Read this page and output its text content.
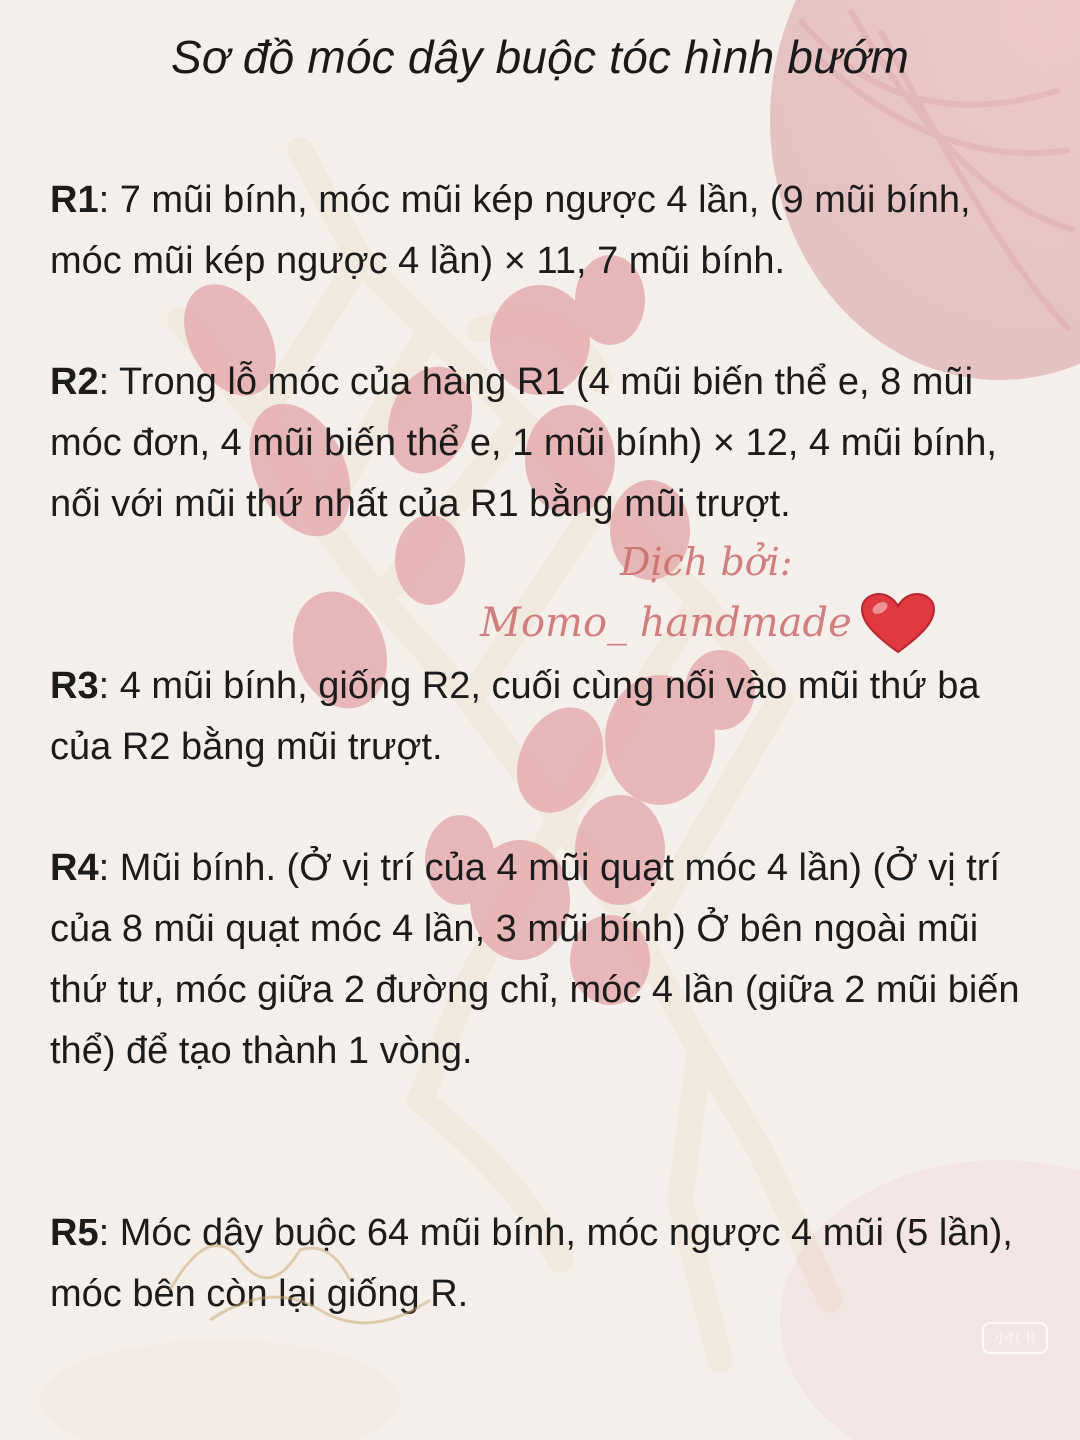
Sơ đồ móc dây buộc tóc hình bướm
R1: 7 mũi bính, móc mũi kép ngược 4 lần, (9 mũi bính, móc mũi kép ngược 4 lần) × 11, 7 mũi bính.
R2: Trong lỗ móc của hàng R1 (4 mũi biến thể e, 8 mũi móc đơn, 4 mũi biến thể e, 1 mũi bính) × 12, 4 mũi bính, nối với mũi thứ nhất của R1 bằng mũi trượt.
R3: 4 mũi bính, giống R2, cuối cùng nối vào mũi thứ ba của R2 bằng mũi trượt.
R4: Mũi bính. (Ở vị trí của 4 mũi quạt móc 4 lần) (Ở vị trí của 8 mũi quạt móc 4 lần, 3 mũi bính) Ở bên ngoài mũi thứ tư, móc giữa 2 đường chỉ, móc 4 lần (giữa 2 mũi biến thể) để tạo thành 1 vòng.
R5: Móc dây buộc 64 mũi bính, móc ngược 4 mũi (5 lần), móc bên còn lại giống R.
Dịch bởi:
Momo_ handmade
小红书
